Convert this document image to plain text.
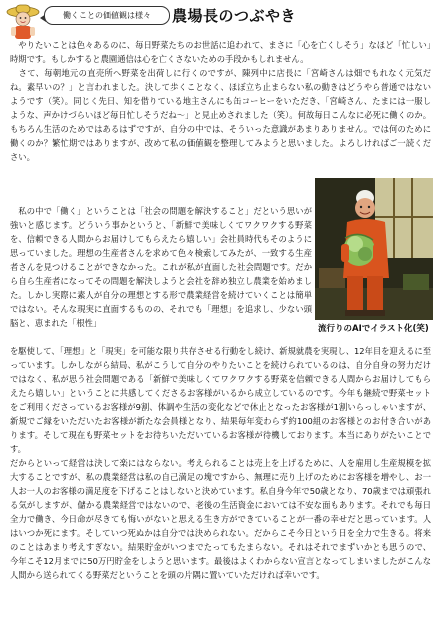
働くことの価値観は様々	農場長のつぶやき

　やりたいことは色々あるのに、毎日野菜たちのお世話に追われて、まさに「心を亡くしそう」なほど「忙しい」時期です。もしかすると農園通信は心を亡くさないための手段かもしれません。
　さて、毎朝地元の直売所へ野菜を出荷しに行くのですが、陳列中に店長に「宮崎さんは畑でもれなく元気だね。素早いの？」と言われました。決して歩くことなく、ほぼ立ち止まらない私の動きはどうやら普通ではないようです（笑）。同じく先日、知を借りている地主さんにも缶コーヒーをいただき、「宮崎さん、たまには一服しような、声かけづらいほど毎日忙しそうだね～」と見止めされました（笑）。何故毎日こんなに必死に働くのか。もちろん生活のためではあるはずですが、自分の中では、そういった意識があまりありません。では何のために働くのか？繁忙期ではありますが、改めて私の価値観を整理してみようと思いました。よろしければご一読ください。

　私の中で「働く」ということは「社会の問題を解決すること」だという思いが強いと感じます。どういう事かというと、「新鮮で美味しくてワクワクする野菜を、信頼できる人間からお届けしてもらえたら嬉しい」会社員時代もそのように思っていました。理想の生産者さんを求めて色々検索してみたが、一致する生産者さんを見つけることができなかった。これが私が直面した社会問題です。だから自ら生産者になってその問題を解決しようと会社を辞め独立し農業を始めました。しかし実際に素人が自分の理想とする形で農業経営を続けていくことは簡単ではない。そんな現実に直面するものの、それでも「理想」を追求し、少ない頭脳と、恵まれた「根性」

流行りのAIでイラスト化(笑)

を駆使して、「理想」と「現実」を可能な限り共存させる行動をし続け、新規就農を実現し、12年目を迎えるに至っています。しかしながら結局、私がこうして自分のやりたいことを続けられているのは、自分自身の努力だけではなく、私が思う社会問題である「新鮮で美味しくてワクワクする野菜を信頼できる人間からお届けしてもらえたら嬉しい」ということに共感してくださるお客様がいるから成立しているのです。今年も継続で野菜セットをご利用くださっているお客様が9割、体調や生活の変化などで休止となったお客様が1割いらっしゃいますが、新規でご縁をいただいたお客様が新たな会員様となり、結果毎年変わらず約100組のお客様とのお付き合いがあります。そして現在も野菜セットをお待ちいただいているお客様が待機しております。本当にありがたいことです。
だからといって経営は決して楽にはならない。考えられることは売上を上げるために、人を雇用し生産規模を拡大することですが、私の農業経営は私の自己満足の塊ですから、無理に売り上げのためにお客様を増やし、お一人お一人のお客様の満足度を下げることはしないと決めています。私自身今年で50歳となり、70歳までは頑張れる気がしますが、儲かる農業経営ではないので、老後の生活資金においては不安な面もあります。それでも毎日全力で働き、今日命が尽きても悔いがないと思える生き方ができていることが一番の幸せだと思っています。人はいつか死にます。そしていつ死ぬかは自分では決められない。だからこそ今日という日を全力で生きる。将来のことはあまり考えすぎない。結果貯金がいつまでたってもたまらない。それはそれでまずいかとも思うので、今年こそ12月までに50万円貯金をしようと思います。最後はよくわからない宣言となってしまいましたがこんな人間から送られてくる野菜だということを頭の片隅に置いていただければ幸いです。
